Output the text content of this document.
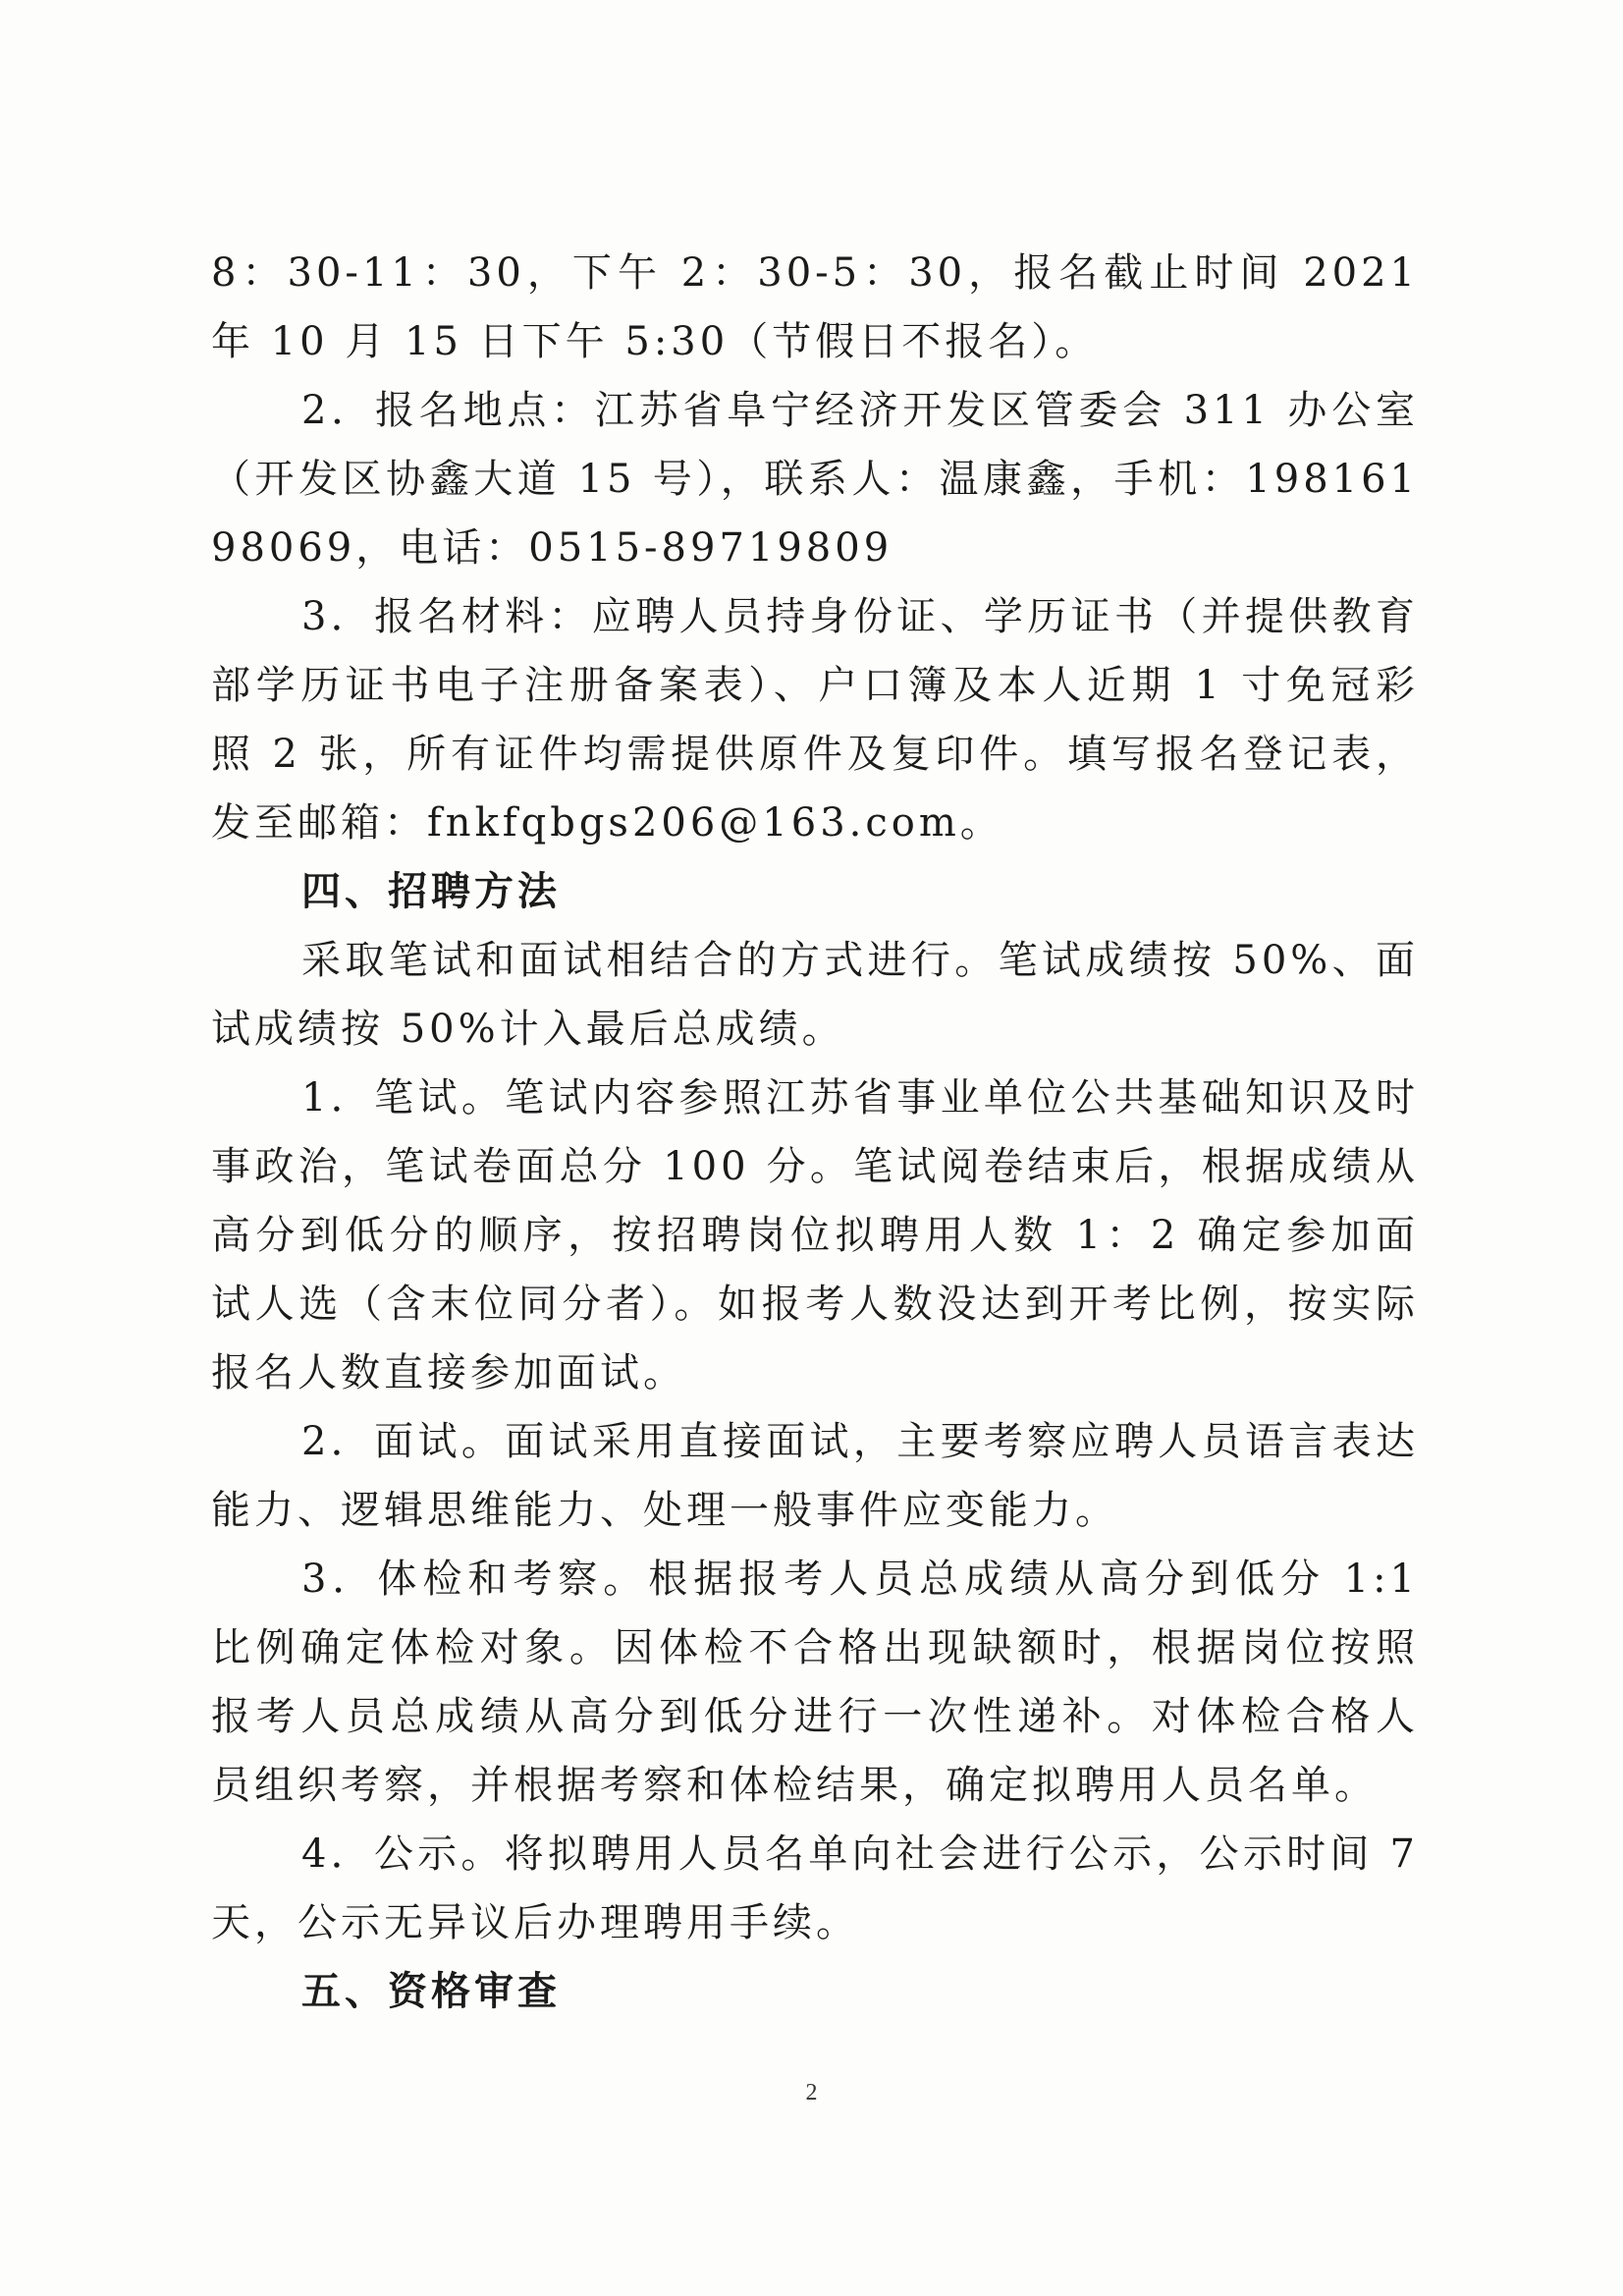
8：30-11：30，下午 2：30-5：30，报名截止时间 2021 年 10 月 15 日下午 5:30（节假日不报名）。

2．报名地点：江苏省阜宁经济开发区管委会 311 办公室（开发区协鑫大道 15 号），联系人：温康鑫，手机：19816198069，电话：0515-89719809

3．报名材料：应聘人员持身份证、学历证书（并提供教育部学历证书电子注册备案表）、户口簿及本人近期 1 寸免冠彩照 2 张，所有证件均需提供原件及复印件。填写报名登记表，发至邮箱：fnkfqbgs206@163.com。

四、招聘方法

采取笔试和面试相结合的方式进行。笔试成绩按 50%、面试成绩按 50%计入最后总成绩。

1．笔试。笔试内容参照江苏省事业单位公共基础知识及时事政治，笔试卷面总分 100 分。笔试阅卷结束后，根据成绩从高分到低分的顺序，按招聘岗位拟聘用人数 1：2 确定参加面试人选（含末位同分者）。如报考人数没达到开考比例，按实际报名人数直接参加面试。

2．面试。面试采用直接面试，主要考察应聘人员语言表达能力、逻辑思维能力、处理一般事件应变能力。

3．体检和考察。根据报考人员总成绩从高分到低分 1:1 比例确定体检对象。因体检不合格出现缺额时，根据岗位按照报考人员总成绩从高分到低分进行一次性递补。对体检合格人员组织考察，并根据考察和体检结果，确定拟聘用人员名单。

4．公示。将拟聘用人员名单向社会进行公示，公示时间 7 天，公示无异议后办理聘用手续。

五、资格审查

2
